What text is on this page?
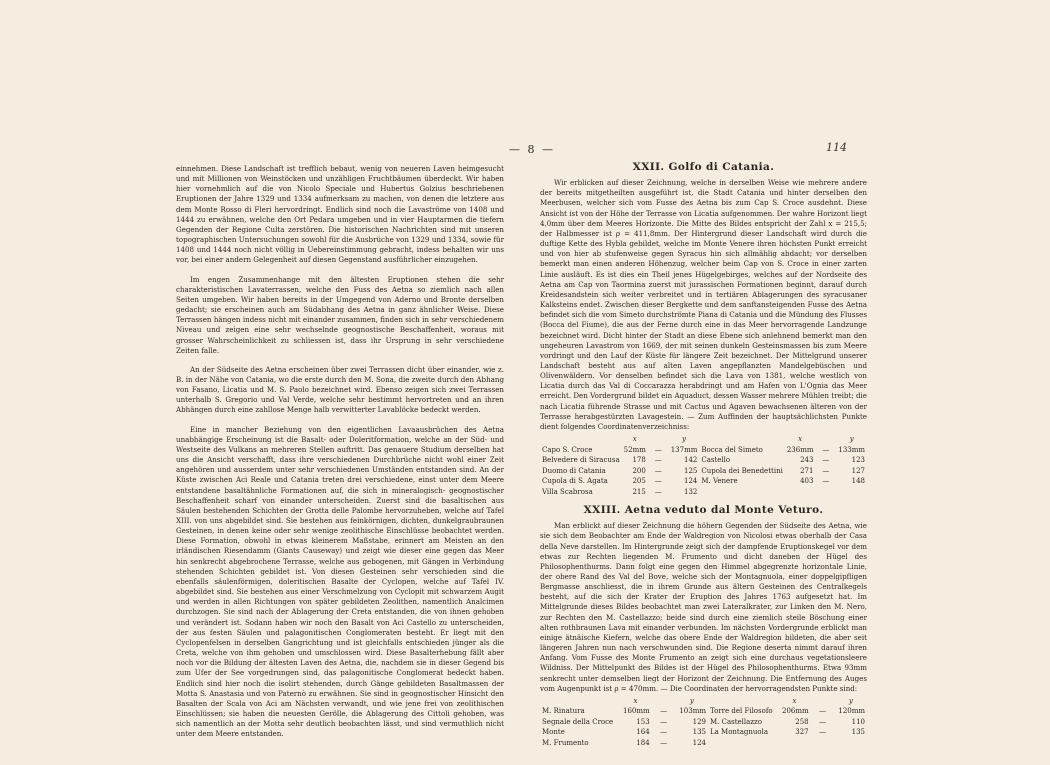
— 8 —	114

einnehmen. Diese Landschaft ist trefflich bebaut, wenig von neueren Laven heimgesucht und mit Millionen von Weinstöcken und unzähligen Fruchtbäumen überdeckt. Wir haben hier vornehmlich auf die von Nicolo Speciale und Hubertus Golzius beschriebenen Eruptionen der Jahre 1329 und 1334 aufmerksam zu machen, von denen die letztere aus dem Monte Rosso di Fleri hervordringt. Endlich sind noch die Lavaströme von 1408 und 1444 zu erwähnen, welche den Ort Pedara umgeben und in vier Hauptarmen die tiefern Gegenden der Regione Culta zerstören. Die historischen Nachrichten sind mit unseren topographischen Untersuchungen sowohl für die Ausbrüche von 1329 und 1334, sowie für 1408 und 1444 noch nicht völlig in Uebereinstimmung gebracht, indess behalten wir uns vor, bei einer andern Gelegenheit auf diesen Gegenstand ausführlicher einzugehen.

Im engen Zusammenhange mit den ältesten Eruptionen stehen die sehr charakteristischen Lavaterrassen, welche den Fuss des Aetna so ziemlich nach allen Seiten umgeben. Wir haben bereits in der Umgegend von Aderno und Bronte derselben gedacht; sie erscheinen auch am Südabhang des Aetna in ganz ähnlicher Weise. Diese Terrassen hängen indess nicht mit einander zusammen, finden sich in sehr verschiedenem Niveau und zeigen eine sehr wechselnde geognostische Beschaffenheit, woraus mit grosser Wahrscheinlichkeit zu schliessen ist, dass ihr Ursprung in sehr verschiedene Zeiten falle.

An der Südseite des Aetna erscheinen über zwei Terrassen dicht über einander, wie z. B. in der Nähe von Catania, wo die erste durch den M. Sona, die zweite durch den Abhang von Fasano, Licatia und M. S. Paolo bezeichnet wird. Ebenso zeigen sich zwei Terrassen unterhalb S. Gregorio und Val Verde, welche sehr bestimmt hervortreten und an ihren Abhängen durch eine zahllose Menge halb verwitterter Lavablöcke bedeckt werden.

Eine in mancher Beziehung von den eigentlichen Lavaausbrüchen des Aetna unabhängige Erscheinung ist die Basalt- oder Doleritformation, welche an der Süd- und Westseite des Vulkans an mehreren Stellen auftritt. Das genauere Studium derselben hat uns die Ansicht verschafft, dass ihre verschiedenen Durchbrüche nicht wohl einer Zeit angehören und ausserdem unter sehr verschiedenen Umständen entstanden sind. An der Küste zwischen Aci Reale und Catania treten drei verschiedene, einst unter dem Meere entstandene basaltähnliche Formationen auf, die sich in mineralogisch- geognostischer Beschaffenheit scharf von einander unterscheiden. Zuerst sind die basaltischen aus Säulen bestehenden Schichten der Grotta delle Palombe hervorzuheben, welche auf Tafel XIII. von uns abgebildet sind. Sie bestehen aus feinkörnigen, dichten, dunkelgraubraunen Gesteinen, in denen keine oder sehr wenige zeolithische Einschlüsse beobachtet werden. Diese Formation, obwohl in etwas kleinerem Maßstabe, erinnert am Meisten an den irländischen Riesendamm (Giants Causeway) und zeigt wie dieser eine gegen das Meer hin senkrecht abgebrochene Terrasse, welche aus gebogenen, mit Gängen in Verbindung stehenden Schichten gebildet ist. Von diesen Gesteinen sehr verschieden sind die ebenfalls säulenförmigen, doleritischen Basalte der Cyclopen, welche auf Tafel IV. abgebildet sind. Sie bestehen aus einer Verschmelzung von Cyclopit mit schwarzem Augit und werden in allen Richtungen von später gebildeten Zeolithen, namentlich Analcimen durchzogen. Sie sind nach der Ablagerung der Creta entstanden, die von ihnen gehoben und verändert ist. Sodann haben wir noch den Basalt von Aci Castello zu unterscheiden, der aus festen Säulen und palagonitischen Conglomeraten besteht. Er liegt mit den Cyclopenfelsen in derselben Gangrichtung und ist gleichfalls entschieden jünger als die Creta, welche von ihm gehoben und umschlossen wird. Diese Basalterhebung fällt aber noch vor die Bildung der ältesten Laven des Aetna, die, nachdem sie in dieser Gegend bis zum Ufer der See vorgedrungen sind, das palagonitische Conglomerat bedeckt haben. Endlich sind hier noch die isolirt stehenden, durch Gänge gebildeten Basaltmassen der Motta S. Anastasia und von Paternò zu erwähnen. Sie sind in geognostischer Hinsicht den Basalten der Scala von Aci am Nächsten verwandt, und wie jene frei von zeolithischen Einschlüssen; sie haben die neuesten Gerölle, die Ablagerung des Cittoli gehoben, was sich namentlich an der Motta sehr deutlich beobachten lässt, und sind vermuthlich nicht unter dem Meere entstanden.

XXII. Golfo di Catania.

Wir erblicken auf dieser Zeichnung, welche in derselben Weise wie mehrere andere der bereits mitgetheilten ausgeführt ist, die Stadt Catania und hinter derselben den Meerbusen, welcher sich vom Fusse des Aetna bis zum Cap S. Croce ausdehnt. Diese Ansicht ist von der Höhe der Terrasse von Licatia aufgenommen. Der wahre Horizont liegt 4,0mm über dem Meeres Horizonte. Die Mitte des Bildes entspricht der Zahl x = 215,5; der Halbmesser ist ρ = 411,8mm. Der Hintergrund dieser Landschaft wird durch die duftige Kette des Hybla gebildet, welche im Monte Venere ihren höchsten Punkt erreicht und von hier ab stufenweise gegen Syracus hin sich allmählig abdacht; vor derselben bemerkt man einen anderen Höhenzug, welcher beim Cap von S. Croce in einer zarten Linie ausläuft. Es ist dies ein Theil jenes Hügelgebirges, welches auf der Nordseite des Aetna am Cap von Taormina zuerst mit jurassischen Formationen beginnt, darauf durch Kreidesandstein sich weiter verbreitet und in tertiären Ablagerungen des syracusaner Kalksteins endet. Zwischen dieser Bergkette und dem sanftansteigenden Fusse des Aetna befindet sich die vom Simeto durchströmte Piana di Catania und die Mündung des Flusses (Bocca del Fiume), die aus der Ferne durch eine in das Meer hervorragende Landzunge bezeichnet wird. Dicht hinter der Stadt an diese Ebene sich anlehnend bemerkt man den ungeheuren Lavastrom von 1669, der mit seinen dunkeln Gesteinsmassen bis zum Meere vordringt und den Lauf der Küste für längere Zeit bezeichnet. Der Mittelgrund unserer Landschaft besteht aus auf alten Laven angepflanzten Mandelgebüschen und Olivenwäldern. Vor denselben befindet sich die Lava von 1381, welche westlich von Licatia durch das Val di Coccarazza herabdringt und am Hafen von L'Ognia das Meer erreicht. Den Vordergrund bildet ein Aquaduct, dessen Wasser mehrere Mühlen treibt; die nach Licatia führende Strasse und mit Cactus und Agaven bewachsenen älteren von der Terrasse herabgestürzten Lavagestein. — Zum Auffinden der hauptsächlichsten Punkte dient folgendes Coordinatenverzeichniss:

	x		y		x		y
Capo S. Croce	52mm	—	137mm	Bocca del Simeto	236mm	—	133mm
Belvedere di Siracusa	178	—	142	Castello	243	—	123
Duomo di Catania	200	—	125	Cupola dei Benedettini	271	—	127
Cupola di S. Agata	205	—	124	M. Venere	403	—	148
Villa Scabrosa	215	—	132				
XXIII. Aetna veduto dal Monte Veturo.

Man erblickt auf dieser Zeichnung die höhern Gegenden der Südseite des Aetna, wie sie sich dem Beobachter am Ende der Waldregion von Nicolosi etwas oberhalb der Casa della Neve darstellen. Im Hintergrunde zeigt sich der dampfende Eruptionskegel vor dem etwas zur Rechten liegenden M. Frumento und dicht daneben der Hügel des Philosophenthurms. Dann folgt eine gegen den Himmel abgegrenzte horizontale Linie, der obere Rand des Val del Bove, welche sich der Montagnuola, einer doppelgipfligen Bergmasse anschliesst, die in ihrem Grunde aus ältern Gesteinen des Centralkegels besteht, auf die sich der Krater der Eruption des Jahres 1763 aufgesetzt hat. Im Mittelgrunde dieses Bildes beobachtet man zwei Lateralkrater, zur Linken den M. Nero, zur Rechten den M. Castellazzo; beide sind durch eine ziemlich steile Böschung einer alten rothbraunen Lava mit einander verbunden. Im nächsten Vordergrunde erblickt man einige ätnäische Kiefern, welche das obere Ende der Waldregion bildeten, die aber seit längeren Jahren nun nach verschwunden sind. Die Regione deserta nimmt darauf ihren Anfang. Vom Fusse des Monte Frumento an zeigt sich eine durchaus vegetationsleere Wildniss. Der Mittelpunkt des Bildes ist der Hügel des Philosophenthurms. Etwa 93mm senkrecht unter demselben liegt der Horizont der Zeichnung. Die Entfernung des Auges vom Augenpunkt ist ρ = 470mm. — Die Coordinaten der hervorragendsten Punkte sind:

	x		y		x		y
M. Rinatura	160mm	—	103mm	Torre del Filosofo	206mm	—	120mm
Segnale della Croce	153	—	129	M. Castellazzo	258	—	110
Monte	164	—	135	La Montagnuola	327	—	135
M. Frumento	184	—	124				
